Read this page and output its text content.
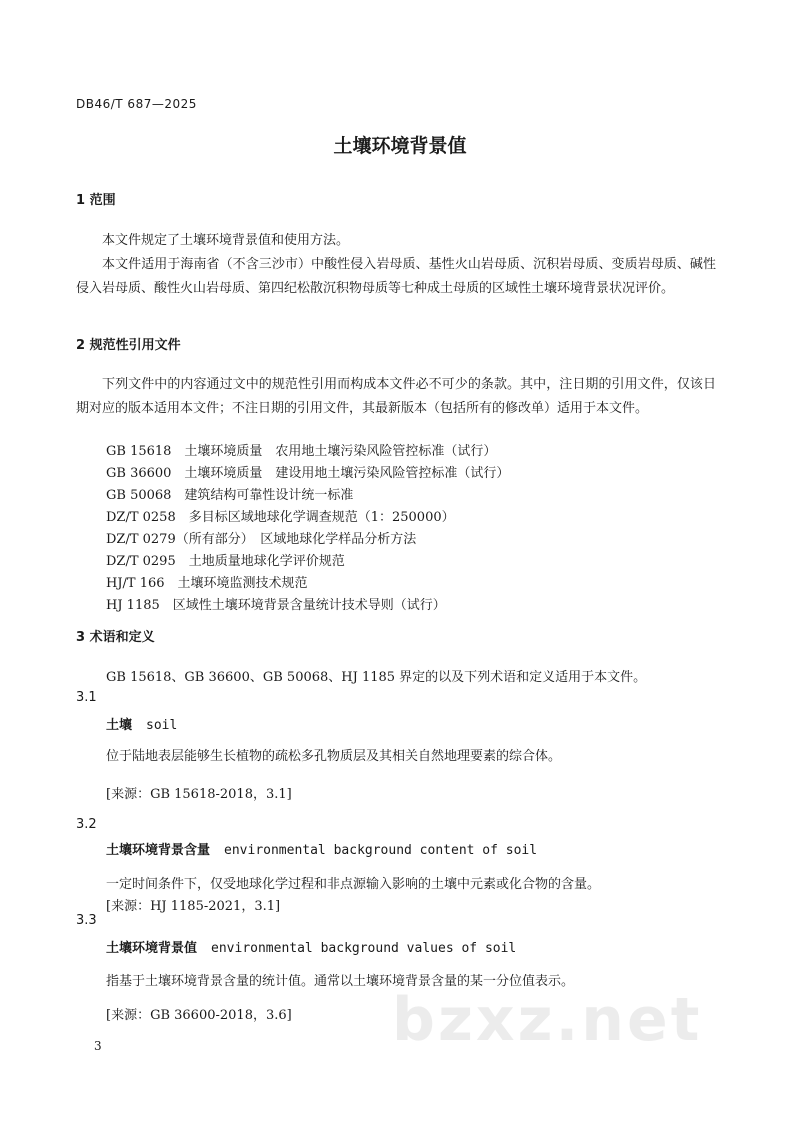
DB46/T 687—2025
土壤环境背景值
1 范围
本文件规定了土壤环境背景值和使用方法。
本文件适用于海南省（不含三沙市）中酸性侵入岩母质、基性火山岩母质、沉积岩母质、变质岩母质、碱性侵入岩母质、酸性火山岩母质、第四纪松散沉积物母质等七种成土母质的区域性土壤环境背景状况评价。
2 规范性引用文件
下列文件中的内容通过文中的规范性引用而构成本文件必不可少的条款。其中，注日期的引用文件，仅该日期对应的版本适用本文件；不注日期的引用文件，其最新版本（包括所有的修改单）适用于本文件。
GB 15618　土壤环境质量　农用地土壤污染风险管控标准（试行）
GB 36600　土壤环境质量　建设用地土壤污染风险管控标准（试行）
GB 50068　建筑结构可靠性设计统一标准
DZ/T 0258　多目标区域地球化学调查规范（1：250000）
DZ/T 0279（所有部分）　区域地球化学样品分析方法
DZ/T 0295　土地质量地球化学评价规范
HJ/T 166　土壤环境监测技术规范
HJ 1185　区域性土壤环境背景含量统计技术导则（试行）
3 术语和定义
GB 15618、GB 36600、GB 50068、HJ 1185 界定的以及下列术语和定义适用于本文件。
3.1
土壤 soil
位于陆地表层能够生长植物的疏松多孔物质层及其相关自然地理要素的综合体。
[来源：GB 15618-2018，3.1]
3.2
土壤环境背景含量 environmental background content of soil
一定时间条件下，仅受地球化学过程和非点源输入影响的土壤中元素或化合物的含量。
[来源：HJ 1185-2021，3.1]
3.3
土壤环境背景值 environmental background values of soil
指基于土壤环境背景含量的统计值。通常以土壤环境背景含量的某一分位值表示。
[来源：GB 36600-2018，3.6] bzxz.net
3
